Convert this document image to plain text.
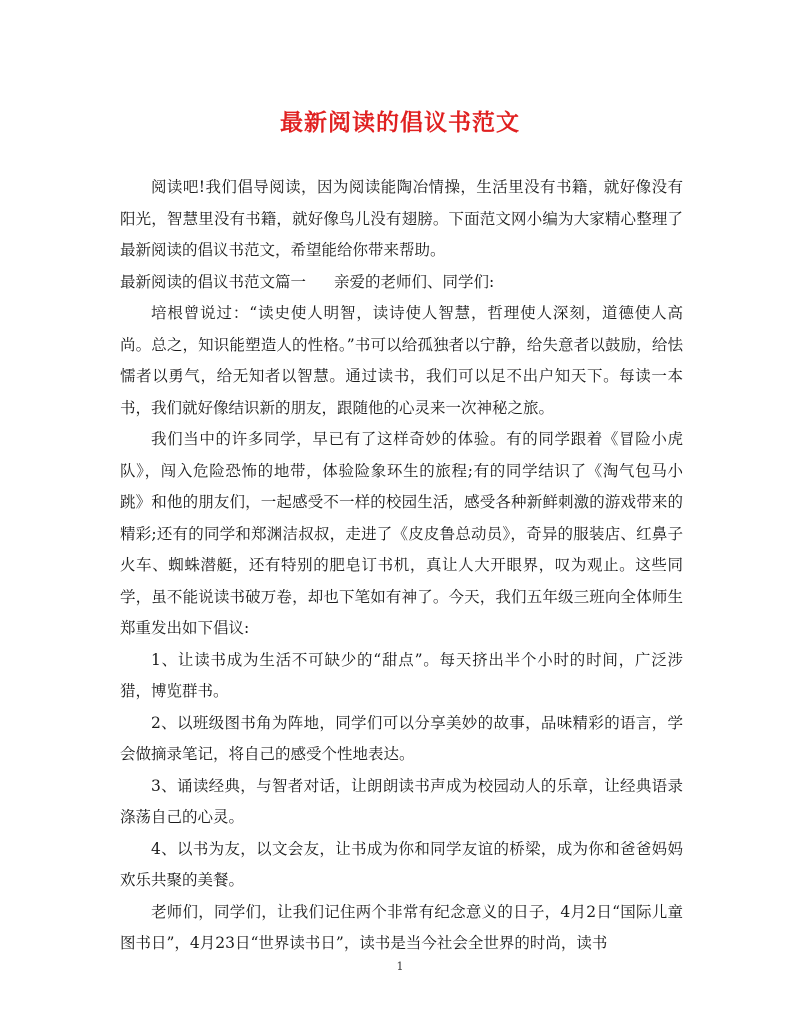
最新阅读的倡议书范文

阅读吧!我们倡导阅读，因为阅读能陶冶情操，生活里没有书籍，就好像没有阳光，智慧里没有书籍，就好像鸟儿没有翅膀。下面范文网小编为大家精心整理了最新阅读的倡议书范文，希望能给你带来帮助。

最新阅读的倡议书范文篇一 亲爱的老师们、同学们:

培根曾说过：“读史使人明智，读诗使人智慧，哲理使人深刻，道德使人高尚。总之，知识能塑造人的性格。”书可以给孤独者以宁静，给失意者以鼓励，给怯懦者以勇气，给无知者以智慧。通过读书，我们可以足不出户知天下。每读一本书，我们就好像结识新的朋友，跟随他的心灵来一次神秘之旅。

我们当中的许多同学，早已有了这样奇妙的体验。有的同学跟着《冒险小虎队》，闯入危险恐怖的地带，体验险象环生的旅程;有的同学结识了《淘气包马小跳》和他的朋友们，一起感受不一样的校园生活，感受各种新鲜刺激的游戏带来的精彩;还有的同学和郑渊洁叔叔，走进了《皮皮鲁总动员》，奇异的服装店、红鼻子火车、蜘蛛潜艇，还有特别的肥皂订书机，真让人大开眼界，叹为观止。这些同学，虽不能说读书破万卷，却也下笔如有神了。今天，我们五年级三班向全体师生郑重发出如下倡议:

1、让读书成为生活不可缺少的“甜点”。每天挤出半个小时的时间，广泛涉猎，博览群书。

2、以班级图书角为阵地，同学们可以分享美妙的故事，品味精彩的语言，学会做摘录笔记，将自己的感受个性地表达。

3、诵读经典，与智者对话，让朗朗读书声成为校园动人的乐章，让经典语录涤荡自己的心灵。

4、以书为友，以文会友，让书成为你和同学友谊的桥梁，成为你和爸爸妈妈欢乐共聚的美餐。

老师们，同学们，让我们记住两个非常有纪念意义的日子，4月2日“国际儿童图书日”，4月23日“世界读书日”，读书是当今社会全世界的时尚，读书

1
